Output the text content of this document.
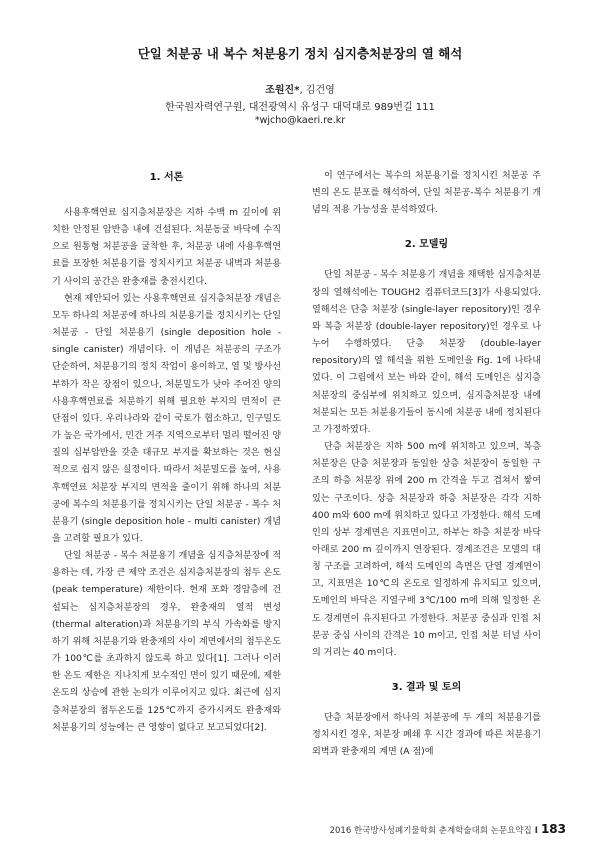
단일 처분공 내 복수 처분용기 정치 심지층처분장의 열 해석
조원진*, 김건영
한국원자력연구원, 대전광역시 유성구 대덕대로 989번길 111
*wjcho@kaeri.re.kr
1. 서론

사용후핵연료 심지층처분장은 지하 수백 m 깊이에 위치한 안정된 암반층 내에 건설된다. 처분동굴 바닥에 수직으로 원통형 처분공을 굴착한 후, 처분공 내에 사용후핵연료를 포장한 처분용기를 정치시키고 처분공 내벽과 처분용기 사이의 공간은 완충재를 충전시킨다.

현재 제안되어 있는 사용후핵연료 심지층처분장 개념은 모두 하나의 처분공에 하나의 처분용기를 정치시키는 단일 처분공 - 단일 처분용기 (single deposition hole - single canister) 개념이다. 이 개념은 처분공의 구조가 단순하여, 처분용기의 정치 작업이 용이하고, 열 및 방사선 부하가 작은 장점이 있으나, 처분밀도가 낮아 주어진 양의 사용후핵연료를 처분하기 위해 필요한 부지의 면적이 큰 단점이 있다. 우리나라와 같이 국토가 협소하고, 인구밀도가 높은 국가에서, 민간 거주 지역으로부터 멀리 떨어진 양질의 심부암반을 갖춘 대규모 부지를 확보하는 것은 현실적으로 쉽지 않은 실정이다. 따라서 처분밀도를 높여, 사용후핵연료 처분장 부지의 면적을 줄이기 위해 하나의 처분공에 복수의 처분용기를 정치시키는 단일 처분공 - 복수 처분용기 (single deposition hole - multi canister) 개념을 고려할 필요가 있다.

단일 처분공 - 복수 처분용기 개념을 심지층처분장에 적용하는 데, 가장 큰 제약 조건은 심지층처분장의 첨두 온도(peak temperature) 제한이다. 현재 포화 경암층에 건설되는 심지층처분장의 경우, 완충재의 열적 변성(thermal alteration)과 처분용기의 부식 가속화를 방지하기 위해 처분용기와 완충재의 사이 계면에서의 첨두온도가 100℃를 초과하지 않도록 하고 있다[1]. 그러나 이러한 온도 제한은 지나치게 보수적인 면이 있기 때문에, 제한 온도의 상승에 관한 논의가 이루어지고 있다. 최근에 심지층처분장의 첨두온도를 125℃까지 증가시켜도 완충재와 처분용기의 성능에는 큰 영향이 없다고 보고되었다[2].

이 연구에서는 복수의 처분용기를 정치시킨 처분공 주변의 온도 분포를 해석하여, 단일 처분공-복수 처분용기 개념의 적용 가능성을 분석하였다.

2. 모델링

단일 처분공 - 복수 처분용기 개념을 채택한 심지층처분장의 열해석에는 TOUGH2 컴퓨터코드[3]가 사용되었다. 열해석은 단층 처분장 (single-layer repository)인 경우와 복층 처분장 (double-layer repository)인 경우로 나누어 수행하였다. 단층 처분장 (double-layer repository)의 열 해석을 위한 도메인을 Fig. 1에 나타내었다. 이 그림에서 보는 바와 같이, 해석 도메인은 심지층처분장의 중심부에 위치하고 있으며, 심지층처분장 내에 처분되는 모든 처분용기들이 동시에 처분공 내에 정치된다고 가정하였다.

단층 처분장은 지하 500 m에 위치하고 있으며, 복층 처분장은 단층 처분장과 동일한 상층 처분장이 동일한 구조의 하층 처분장 위에 200 m 간격을 두고 겹쳐서 쌓여 있는 구조이다. 상층 처분장과 하층 처분장은 각각 지하 400 m와 600 m에 위치하고 있다고 가정한다. 해석 도메인의 상부 경계면은 지표면이고, 하부는 하층 처분장 바닥 아래로 200 m 깊이까지 연장된다. 경계조건은 모델의 대칭 구조를 고려하여, 해석 도메인의 측면은 단열 경계면이고, 지표면은 10℃의 온도로 일정하게 유지되고 있으며, 도메인의 바닥은 지열구배 3℃/100 m에 의해 일정한 온도 경계면이 유지된다고 가정한다. 처분공 중심과 인접 처분공 중심 사이의 간격은 10 m이고, 인접 처분 터널 사이의 거리는 40 m이다.

3. 결과 및 토의

단층 처분장에서 하나의 처분공에 두 개의 처분용기를 정치시킨 경우, 처분장 폐쇄 후 시간 경과에 따른 처분용기 외벽과 완충재의 계면 (A 점)에

2016 한국방사성폐기물학회 춘계학술대회 논문요약집 I 183
